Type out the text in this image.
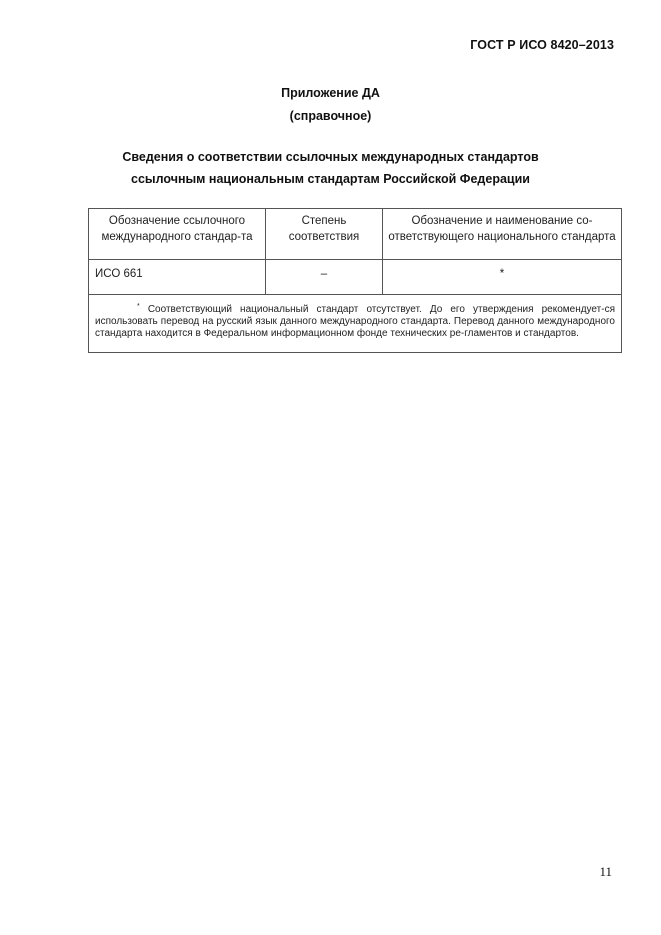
ГОСТ Р ИСО 8420–2013
Приложение ДА
(справочное)
Сведения о соответствии ссылочных международных стандартов
ссылочным национальным стандартам Российской Федерации
Обозначение ссылочного международного стандар-та	Степень соответствия	Обозначение и наименование со-ответствующего национального стандарта
ИСО 661	–	*
* Соответствующий национальный стандарт отсутствует. До его утверждения рекомендует-ся использовать перевод на русский язык данного международного стандарта. Перевод данного международного стандарта находится в Федеральном информационном фонде технических ре-гламентов и стандартов.		
11
